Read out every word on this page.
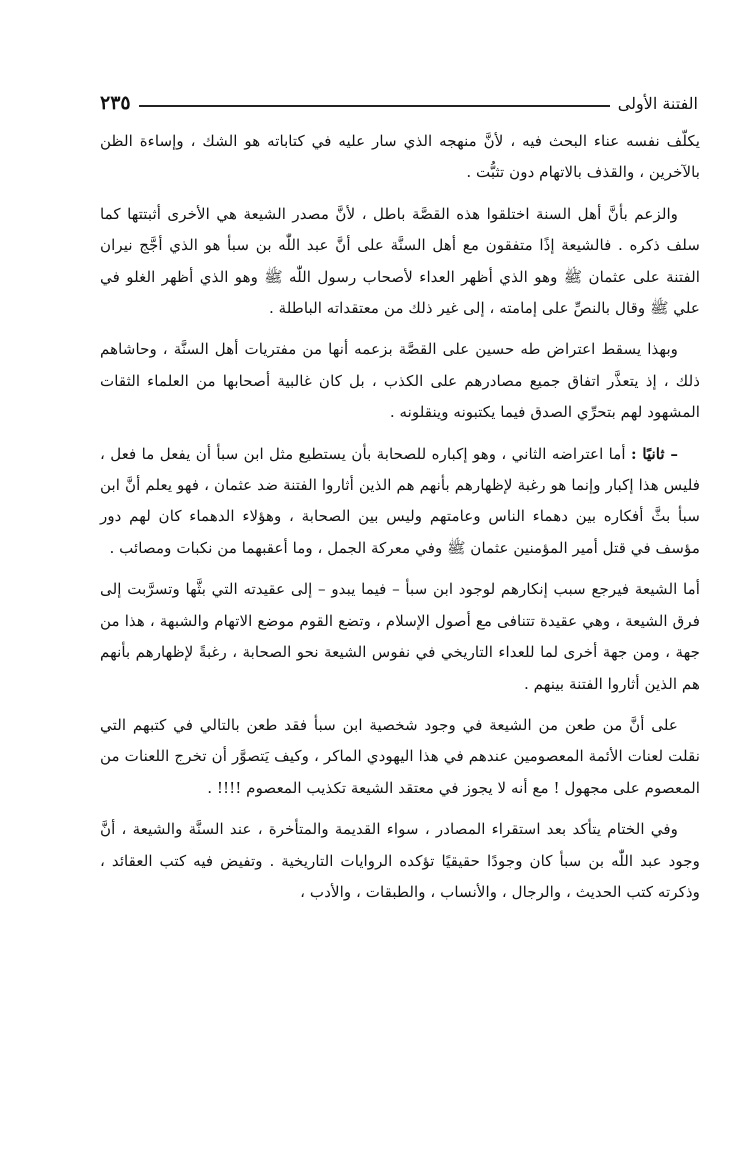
الفتنة الأولى
٢٣٥

يكلّف نفسه عناء البحث فيه ، لأنَّ منهجه الذي سار عليه في كتاباته هو الشك ، وإساءة الظن بالآخرين ، والقذف بالاتهام دون تثبُّت .

والزعم بأنَّ أهل السنة اختلقوا هذه القصَّة باطل ، لأنَّ مصدر الشيعة هي الأخرى أثبتتها كما سلف ذكره . فالشيعة إذًا متفقون مع أهل السنَّة على أنَّ عبد اللّٰه بن سبأ هو الذي أجَّج نيران الفتنة على عثمان ﷺ وهو الذي أظهر العداء لأصحاب رسول اللّٰه ﷺ وهو الذي أظهر الغلو في علي ﷺ وقال بالنصِّ على إمامته ، إلى غير ذلك من معتقداته الباطلة .

وبهذا يسقط اعتراض طه حسين على القصَّة بزعمه أنها من مفتريات أهل السنَّة ، وحاشاهم ذلك ، إذ يتعذَّر اتفاق جميع مصادرهم على الكذب ، بل كان غالبية أصحابها من العلماء الثقات المشهود لهم بتحرِّي الصدق فيما يكتبونه وينقلونه .

– ثانيًا : أما اعتراضه الثاني ، وهو إكباره للصحابة بأن يستطيع مثل ابن سبأ أن يفعل ما فعل ، فليس هذا إكبار وإنما هو رغبة لإظهارهم بأنهم هم الذين أثاروا الفتنة ضد عثمان ، فهو يعلم أنَّ ابن سبأ بثَّ أفكاره بين دهماء الناس وعامتهم وليس بين الصحابة ، وهؤلاء الدهماء كان لهم دور مؤسف في قتل أمير المؤمنين عثمان ﷺ وفي معركة الجمل ، وما أعقبهما من نكبات ومصائب .

أما الشيعة فيرجع سبب إنكارهم لوجود ابن سبأ – فيما يبدو – إلى عقيدته التي بثَّها وتسرَّبت إلى فرق الشيعة ، وهي عقيدة تتنافى مع أصول الإسلام ، وتضع القوم موضع الاتهام والشبهة ، هذا من جهة ، ومن جهة أخرى لما للعداء التاريخي في نفوس الشيعة نحو الصحابة ، رغبةً لإظهارهم بأنهم هم الذين أثاروا الفتنة بينهم .

على أنَّ من طعن من الشيعة في وجود شخصية ابن سبأ فقد طعن بالتالي في كتبهم التي نقلت لعنات الأئمة المعصومين عندهم في هذا اليهودي الماكر ، وكيف يَتصوَّر أن تخرج اللعنات من المعصوم على مجهول ! مع أنه لا يجوز في معتقد الشيعة تكذيب المعصوم !!!! .

وفي الختام يتأكد بعد استقراء المصادر ، سواء القديمة والمتأخرة ، عند السنَّة والشيعة ، أنَّ وجود عبد اللّٰه بن سبأ كان وجودًا حقيقيًا تؤكده الروايات التاريخية . وتفيض فيه كتب العقائد ، وذكرته كتب الحديث ، والرجال ، والأنساب ، والطبقات ، والأدب ،
